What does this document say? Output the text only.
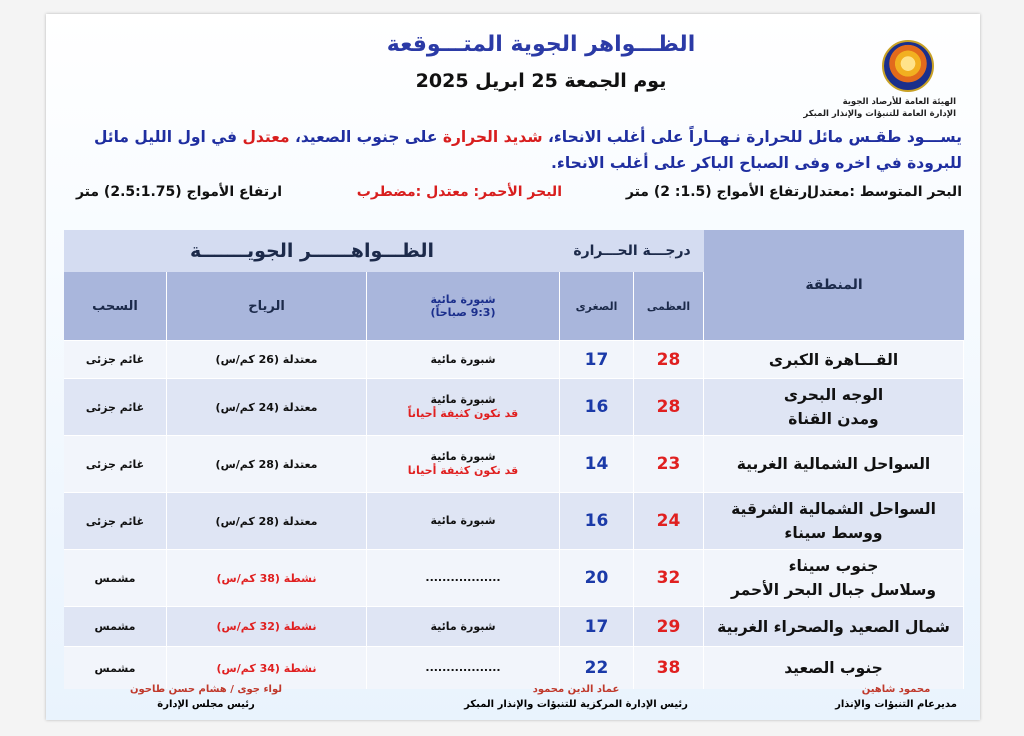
الظـــواهر الجوية المتـــوقعة
يوم الجمعة 25 ابريل 2025
الهيئة العامة للأرصاد الجوية
الإدارة العامة للتنبؤات والإنذار المبكر
يســـود طقـس مائل للحرارة نـهــاراً على أغلب الانحاء، شديد الحرارة على جنوب الصعيد، معتدل في اول الليل مائل للبرودة في اخره وفى الصباح الباكر على أغلب الانحاء.
البحر المتوسط :معتدل
ارتفاع الأمواج (1.5: 2) متر
البحر الأحمر: معتدل :مضطرب
ارتفاع الأمواج (2.5:1.75) متر
المنطقة
درجـــة الحـــرارة
الظـــواهــــــر الجويـــــــة
العظمى
الصغرى
شبورة مائية
(9:3 صباحاً)
الرياح
السحب
القـــاهرة الكبرى
28
17
شبورة مائية
معتدلة (26 كم/س)
غائم جزئى
الوجه البحرى
ومدن القناة
28
16
شبورة مائية
قد تكون كثيفة أحياناً
معتدلة (24 كم/س)
غائم جزئى
السواحل الشمالية الغربية
23
14
شبورة مائية
قد تكون كثيفة أحيانا
معتدلة (28 كم/س)
غائم جزئى
السواحل الشمالية الشرقية
ووسط سيناء
24
16
شبورة مائية
معتدلة (28 كم/س)
غائم جزئى
جنوب سيناء
وسلاسل جبال البحر الأحمر
32
20
..................
نشطة (38 كم/س)
مشمس
شمال الصعيد والصحراء الغربية
29
17
شبورة مائية
نشطة (32 كم/س)
مشمس
جنوب الصعيد
38
22
..................
نشطة (34 كم/س)
مشمس
محمود شاهين
مديرعام التنبؤات والإنذار
عماد الدين محمود
رئيس الإدارة المركزية للتنبؤات والإنذار المبكر
لواء جوى / هشام حسن طاحون
رئيس مجلس الإدارة
